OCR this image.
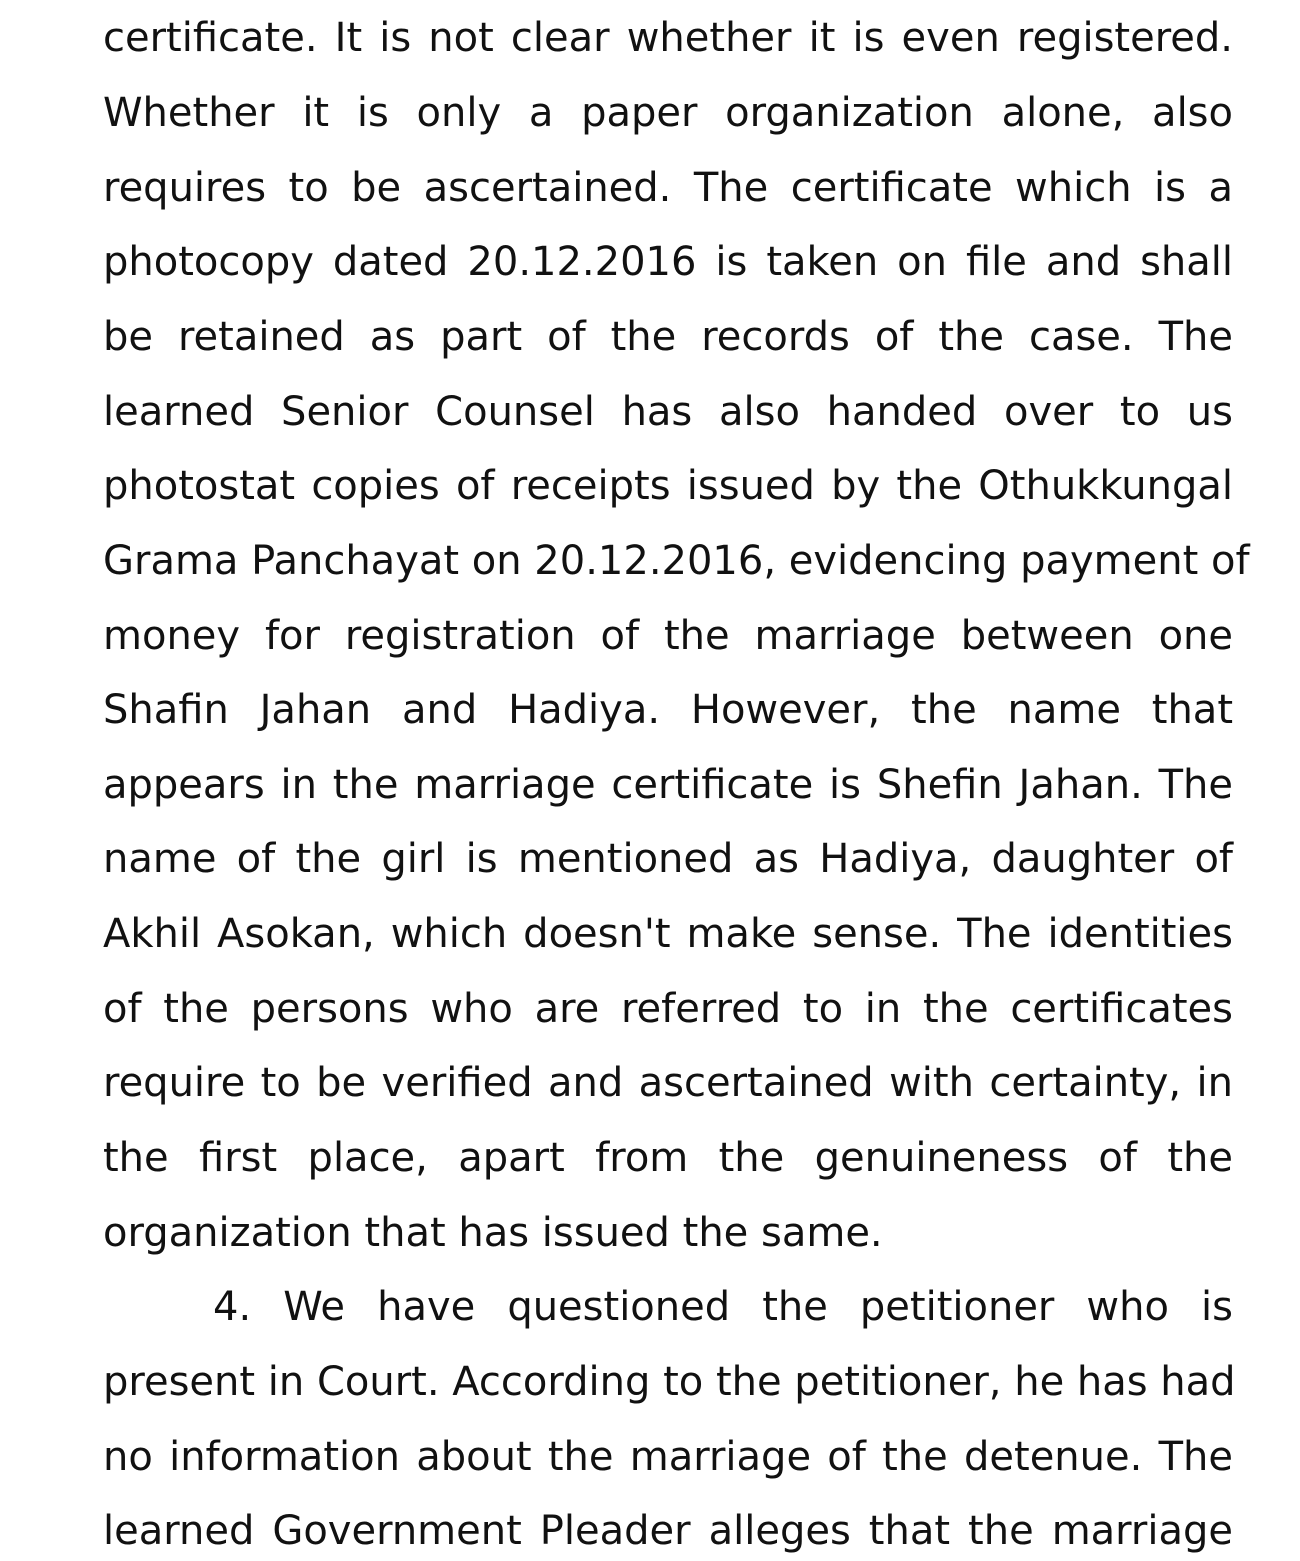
certificate. It is not clear whether it is even registered.
Whether it is only a paper organization alone, also
requires to be ascertained. The certificate which is a
photocopy dated 20.12.2016 is taken on file and shall
be retained as part of the records of the case. The
learned Senior Counsel has also handed over to us
photostat copies of receipts issued by the Othukkungal
Grama Panchayat on 20.12.2016, evidencing payment of
money for registration of the marriage between one
Shafin Jahan and Hadiya. However, the name that
appears in the marriage certificate is Shefin Jahan. The
name of the girl is mentioned as Hadiya, daughter of
Akhil Asokan, which doesn't make sense. The identities
of the persons who are referred to in the certificates
require to be verified and ascertained with certainty, in
the first place, apart from the genuineness of the
organization that has issued the same.
4. We have questioned the petitioner who is
present in Court. According to the petitioner, he has had
no information about the marriage of the detenue. The
learned Government Pleader alleges that the marriage
